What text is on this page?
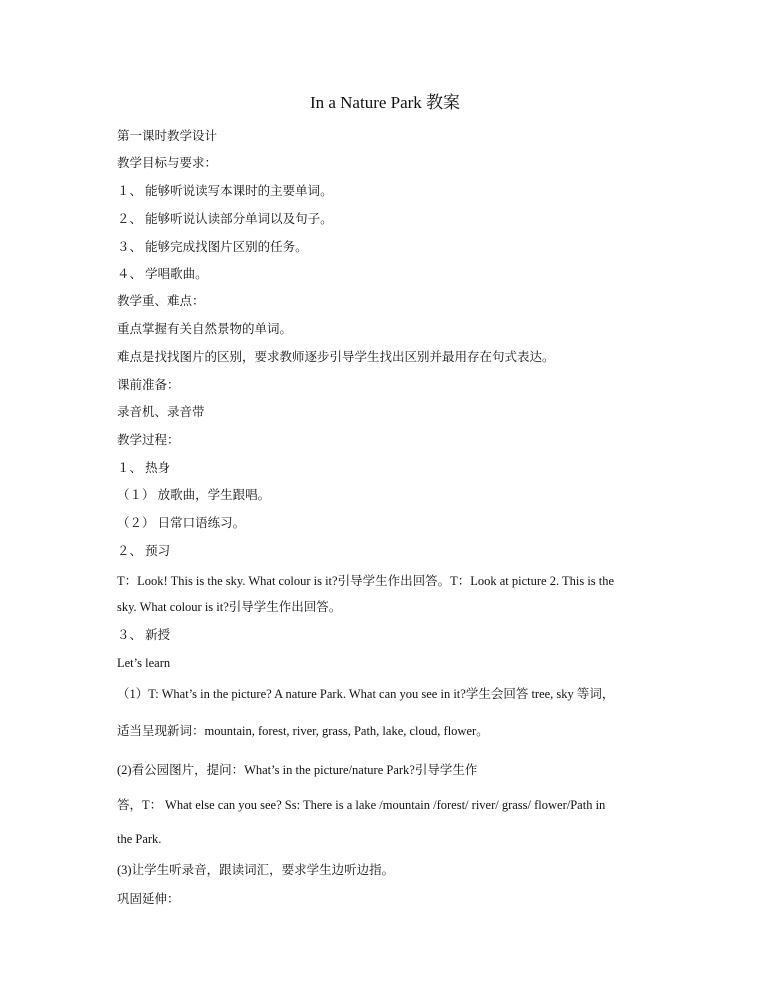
In a Nature Park 教案
第一课时教学设计
教学目标与要求：
１、 能够听说读写本课时的主要单词。
２、 能够听说认读部分单词以及句子。
３、 能够完成找图片区别的任务。
４、 学唱歌曲。
教学重、难点：
重点掌握有关自然景物的单词。
难点是找找图片的区别，要求教师逐步引导学生找出区别并最用存在句式表达。
课前准备：
录音机、录音带
教学过程：
１、 热身
（１） 放歌曲，学生跟唱。
（２） 日常口语练习。
２、 预习
T：Look! This is the sky. What colour is it?引导学生作出回答。T：Look at picture 2. This is the
sky. What colour is it?引导学生作出回答。
３、 新授
Let’s learn
（1）T: What’s in the picture? A nature Park. What can you see in it?学生会回答 tree, sky 等词，
适当呈现新词：mountain, forest, river, grass, Path, lake, cloud, flower。
(2)看公园图片，提问：What’s in the picture/nature Park?引导学生作
答，T： What else can you see? Ss: There is a lake /mountain /forest/ river/ grass/ flower/Path in
the Park.
(3)让学生听录音，跟读词汇，要求学生边听边指。
巩固延伸：
